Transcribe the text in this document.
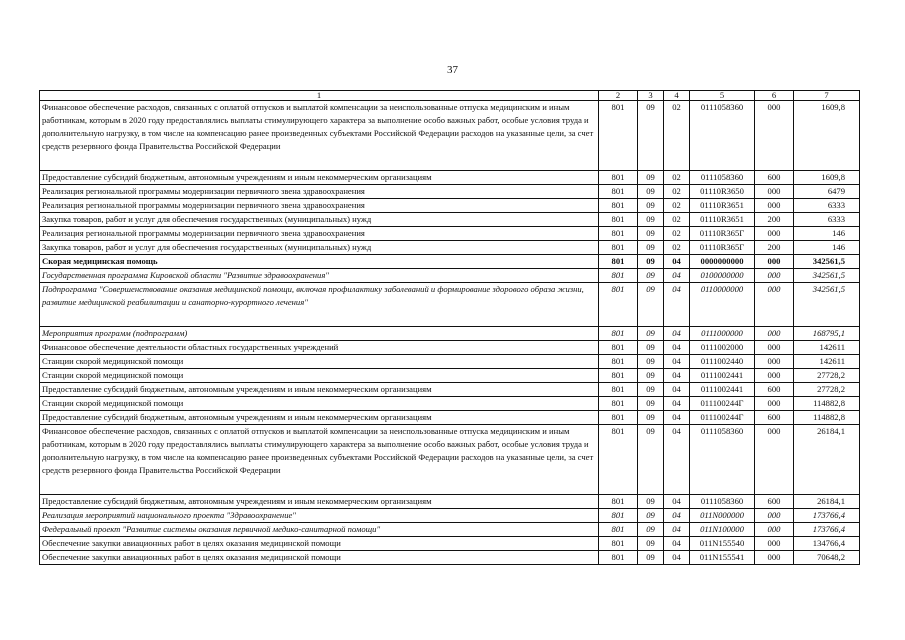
37
1	2	3	4	5	6	7
Финансовое обеспечение расходов, связанных с оплатой отпусков и выплатой компенсации за неиспользованные отпуска медицинским и иным работникам, которым в 2020 году предоставлялись выплаты стимулирующего характера за выполнение особо важных работ, особые условия труда и дополнительную нагрузку, в том числе на компенсацию ранее произведенных субъектами Российской Федерации расходов на указанные цели, за счет средств резервного фонда Правительства Российской Федерации	801	09	02	0111058360	000	1609,8
Предоставление субсидий бюджетным, автономным учреждениям и иным некоммерческим организациям	801	09	02	0111058360	600	1609,8
Реализация региональной программы модернизации первичного звена здравоохранения	801	09	02	01110R3650	000	6479
Реализация региональной программы модернизации первичного звена здравоохранения	801	09	02	01110R3651	000	6333
Закупка товаров, работ и услуг для обеспечения государственных (муниципальных) нужд	801	09	02	01110R3651	200	6333
Реализация региональной программы модернизации первичного звена здравоохранения	801	09	02	01110R365Г	000	146
Закупка товаров, работ и услуг для обеспечения государственных (муниципальных) нужд	801	09	02	01110R365Г	200	146
Скорая медицинская помощь	801	09	04	0000000000	000	342561,5
Государственная программа Кировской области "Развитие здравоохранения"	801	09	04	0100000000	000	342561,5
Подпрограмма "Совершенствование оказания медицинской помощи, включая профилактику заболеваний и формирование здорового образа жизни, развитие медицинской реабилитации и санаторно-курортного лечения"	801	09	04	0110000000	000	342561,5
Мероприятия программ (подпрограмм)	801	09	04	0111000000	000	168795,1
Финансовое обеспечение деятельности областных государственных учреждений	801	09	04	0111002000	000	142611
Станции скорой медицинской помощи	801	09	04	0111002440	000	142611
Станции скорой медицинской помощи	801	09	04	0111002441	000	27728,2
Предоставление субсидий бюджетным, автономным учреждениям и иным некоммерческим организациям	801	09	04	0111002441	600	27728,2
Станции скорой медицинской помощи	801	09	04	011100244Г	000	114882,8
Предоставление субсидий бюджетным, автономным учреждениям и иным некоммерческим организациям	801	09	04	011100244Г	600	114882,8
Финансовое обеспечение расходов, связанных с оплатой отпусков и выплатой компенсации за неиспользованные отпуска медицинским и иным работникам, которым в 2020 году предоставлялись выплаты стимулирующего характера за выполнение особо важных работ, особые условия труда и дополнительную нагрузку, в том числе на компенсацию ранее произведенных субъектами Российской Федерации расходов на указанные цели, за счет средств резервного фонда Правительства Российской Федерации	801	09	04	0111058360	000	26184,1
Предоставление субсидий бюджетным, автономным учреждениям и иным некоммерческим организациям	801	09	04	0111058360	600	26184,1
Реализация мероприятий национального проекта "Здравоохранение"	801	09	04	011N000000	000	173766,4
Федеральный проект "Развитие системы оказания первичной медико-санитарной помощи"	801	09	04	011N100000	000	173766,4
Обеспечение закупки авиационных работ в целях оказания медицинской помощи	801	09	04	011N155540	000	134766,4
Обеспечение закупки авиационных работ в целях оказания медицинской помощи	801	09	04	011N155541	000	70648,2
